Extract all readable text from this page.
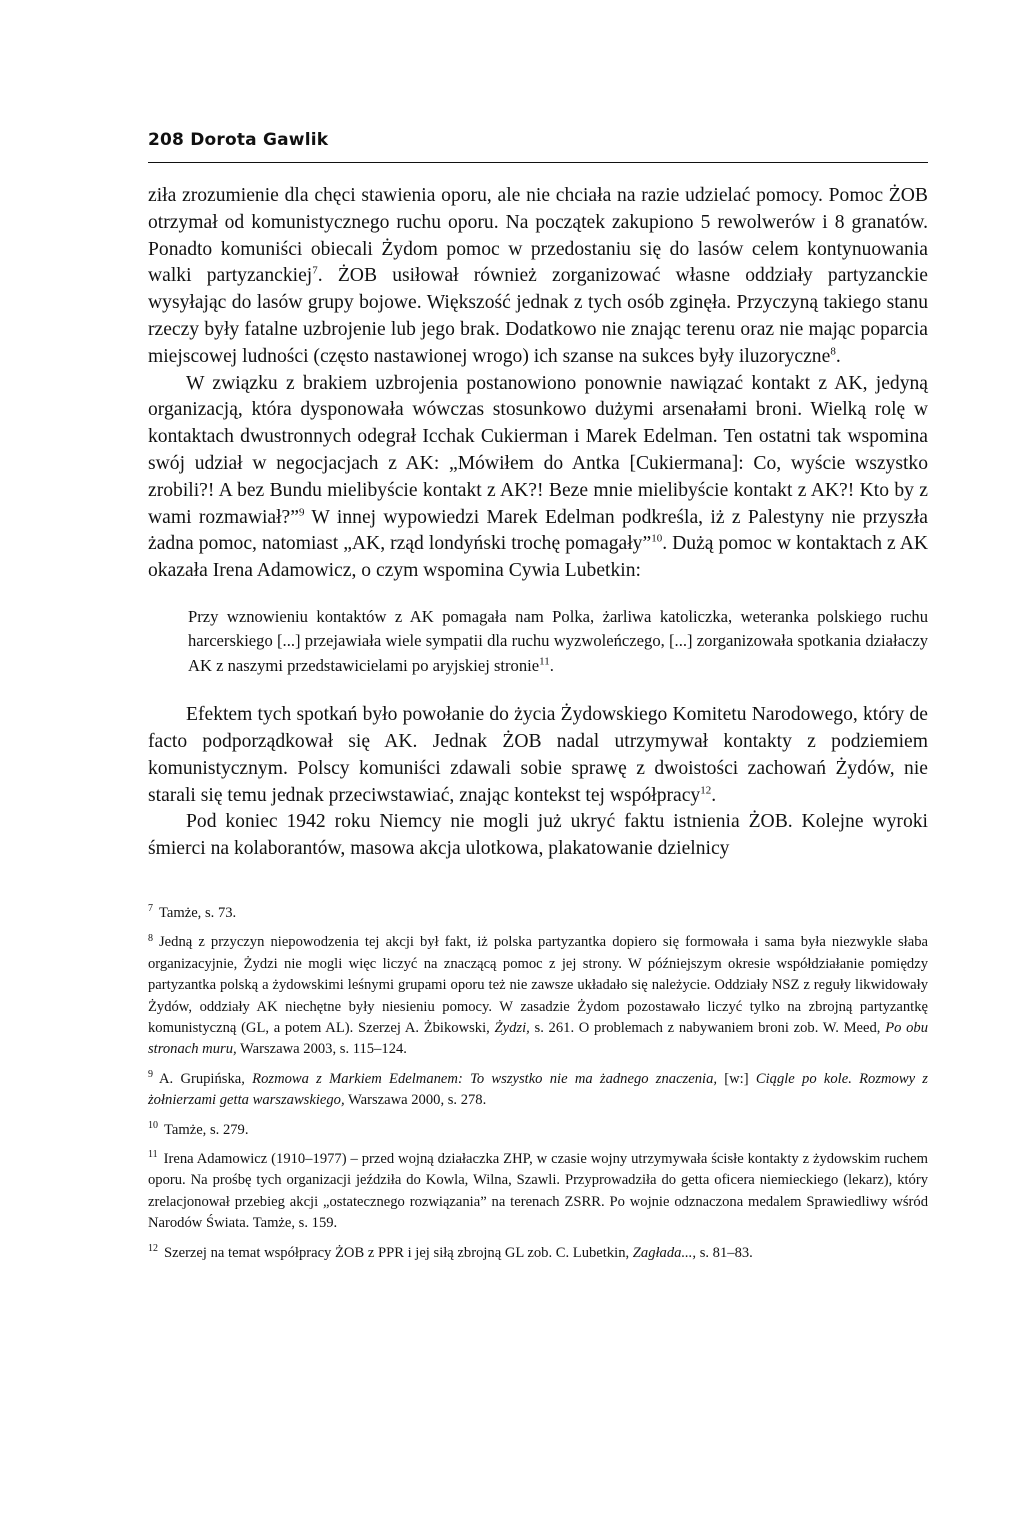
208 Dorota Gawlik

ziła zrozumienie dla chęci stawienia oporu, ale nie chciała na razie udzielać pomocy. Pomoc ŻOB otrzymał od komunistycznego ruchu oporu. Na początek zakupiono 5 rewolwerów i 8 granatów. Ponadto komuniści obiecali Żydom pomoc w przedostaniu się do lasów celem kontynuowania walki partyzanckiej$^7$. ŻOB usiłował również zorganizować własne oddziały partyzanckie wysyłając do lasów grupy bojowe. Większość jednak z tych osób zginęła. Przyczyną takiego stanu rzeczy były fatalne uzbrojenie lub jego brak. Dodatkowo nie znając terenu oraz nie mając poparcia miejscowej ludności (często nastawionej wrogo) ich szanse na sukces były iluzoryczne$^8$.

W związku z brakiem uzbrojenia postanowiono ponownie nawiązać kontakt z AK, jedyną organizacją, która dysponowała wówczas stosunkowo dużymi arsenałami broni. Wielką rolę w kontaktach dwustronnych odegrał Icchak Cukierman i Marek Edelman. Ten ostatni tak wspomina swój udział w negocjacjach z AK: „Mówiłem do Antka [Cukiermana]: Co, wyście wszystko zrobili?! A bez Bundu mielibyście kontakt z AK?! Beze mnie mielibyście kontakt z AK?! Kto by z wami rozmawiał?”$^9$ W innej wypowiedzi Marek Edelman podkreśla, iż z Palestyny nie przyszła żadna pomoc, natomiast „AK, rząd londyński trochę pomagały”$^{10}$. Dużą pomoc w kontaktach z AK okazała Irena Adamowicz, o czym wspomina Cywia Lubetkin:

Przy wznowieniu kontaktów z AK pomagała nam Polka, żarliwa katoliczka, weteranka polskiego ruchu harcerskiego [...] przejawiała wiele sympatii dla ruchu wyzwoleńczego, [...] zorganizowała spotkania działaczy AK z naszymi przedstawicielami po aryjskiej stronie$^{11}$.

Efektem tych spotkań było powołanie do życia Żydowskiego Komitetu Narodowego, który de facto podporządkował się AK. Jednak ŻOB nadal utrzymywał kontakty z podziemiem komunistycznym. Polscy komuniści zdawali sobie sprawę z dwoistości zachowań Żydów, nie starali się temu jednak przeciwstawiać, znając kontekst tej współpracy$^{12}$.

Pod koniec 1942 roku Niemcy nie mogli już ukryć faktu istnienia ŻOB. Kolejne wyroki śmierci na kolaborantów, masowa akcja ulotkowa, plakatowanie dzielnicy

$^7$ Tamże, s. 73.

$^8$ Jedną z przyczyn niepowodzenia tej akcji był fakt, iż polska partyzantka dopiero się formowała i sama była niezwykle słaba organizacyjnie, Żydzi nie mogli więc liczyć na znaczącą pomoc z jej strony. W późniejszym okresie współdziałanie pomiędzy partyzantka polską a żydowskimi leśnymi grupami oporu też nie zawsze układało się należycie. Oddziały NSZ z reguły likwidowały Żydów, oddziały AK niechętne były niesieniu pomocy. W zasadzie Żydom pozostawało liczyć tylko na zbrojną partyzantkę komunistyczną (GL, a potem AL). Szerzej A. Żbikowski, Żydzi, s. 261. O problemach z nabywaniem broni zob. W. Meed, Po obu stronach muru, Warszawa 2003, s. 115–124.

$^9$ A. Grupińska, Rozmowa z Markiem Edelmanem: To wszystko nie ma żadnego znaczenia, [w:] Ciągle po kole. Rozmowy z żołnierzami getta warszawskiego, Warszawa 2000, s. 278.

$^{10}$ Tamże, s. 279.

$^{11}$ Irena Adamowicz (1910–1977) – przed wojną działaczka ZHP, w czasie wojny utrzymywała ścisłe kontakty z żydowskim ruchem oporu. Na prośbę tych organizacji jeździła do Kowla, Wilna, Szawli. Przyprowadziła do getta oficera niemieckiego (lekarz), który zrelacjonował przebieg akcji „ostatecznego rozwiązania” na terenach ZSRR. Po wojnie odznaczona medalem Sprawiedliwy wśród Narodów Świata. Tamże, s. 159.

$^{12}$ Szerzej na temat współpracy ŻOB z PPR i jej siłą zbrojną GL zob. C. Lubetkin, Zagłada..., s. 81–83.
